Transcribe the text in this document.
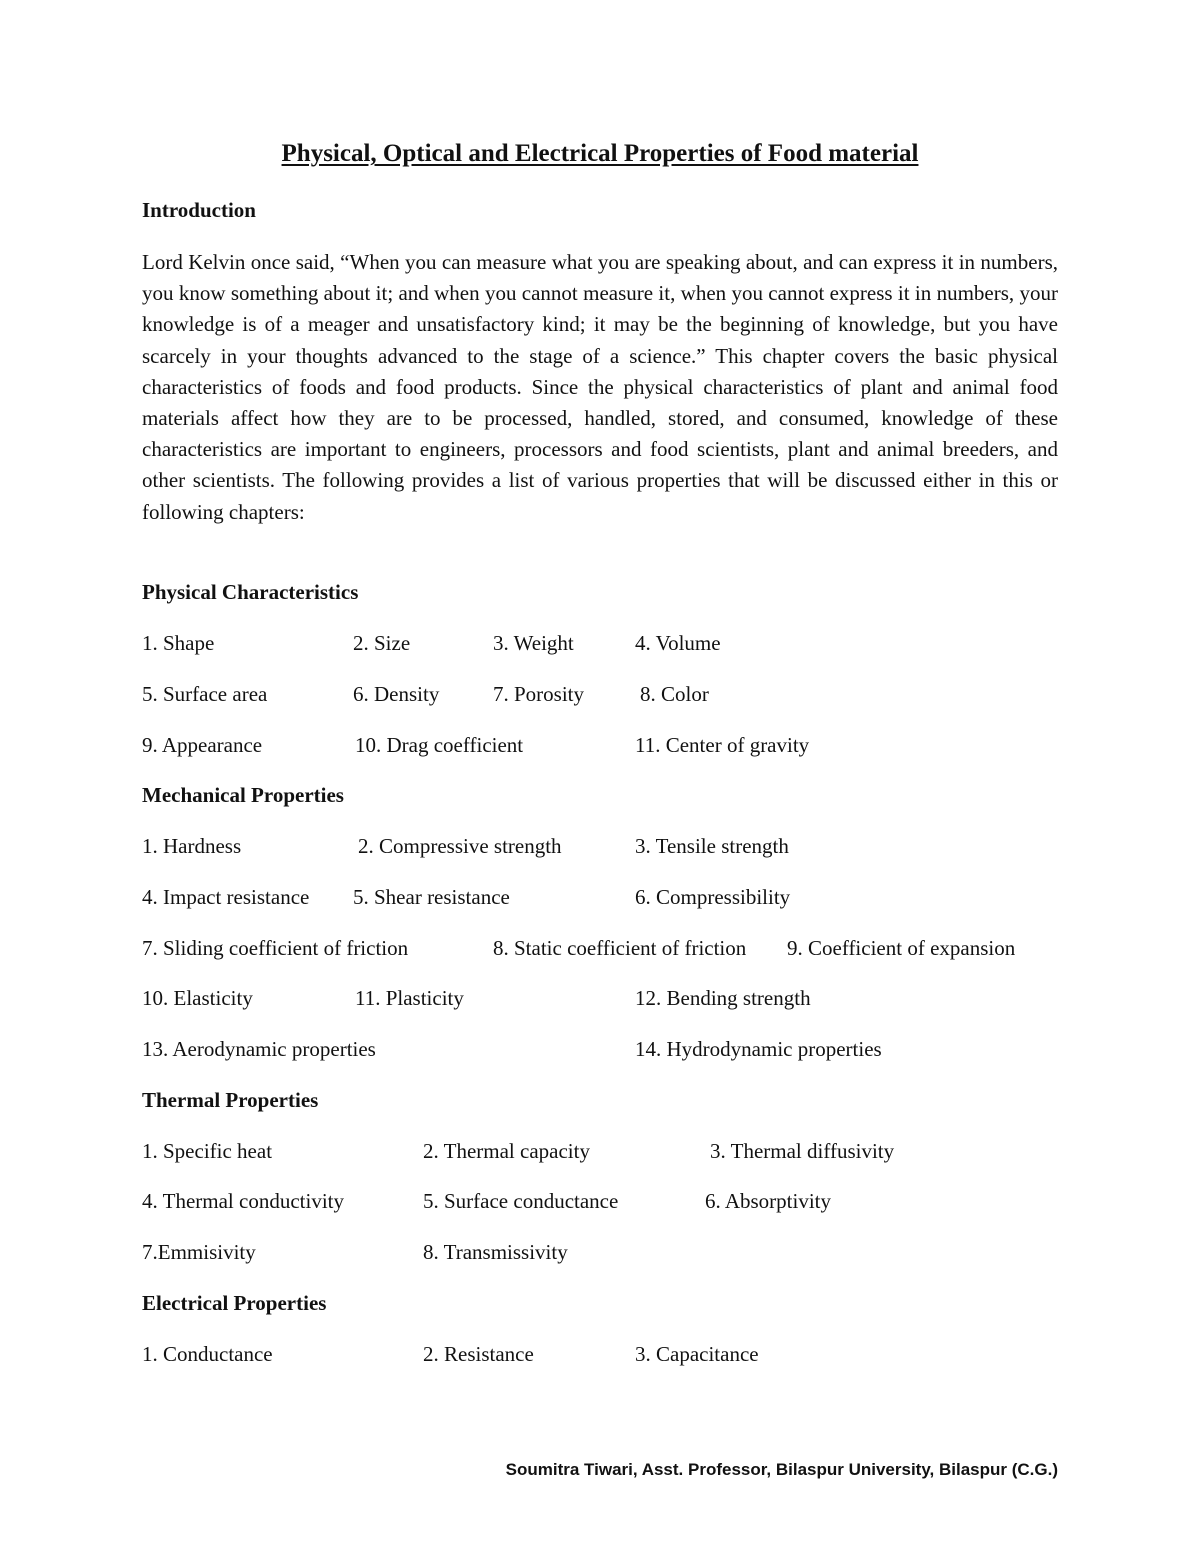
Physical, Optical and Electrical Properties of Food material
Introduction

Lord Kelvin once said, “When you can measure what you are speaking about, and can express it in numbers, you know something about it; and when you cannot measure it, when you cannot express it in numbers, your knowledge is of a meager and unsatisfactory kind; it may be the beginning of knowledge, but you have scarcely in your thoughts advanced to the stage of a science.” This chapter covers the basic physical characteristics of foods and food products. Since the physical characteristics of plant and animal food materials affect how they are to be processed, handled, stored, and consumed, knowledge of these characteristics are important to engineers, processors and food scientists, plant and animal breeders, and other scientists. The following provides a list of various properties that will be discussed either in this or following chapters:

Physical Characteristics
1. Shape	2. Size	3. Weight	4. Volume
5. Surface area	6. Density	7. Porosity	8. Color
9. Appearance	10. Drag coefficient	11. Center of gravity
Mechanical Properties
1. Hardness	2. Compressive strength	3. Tensile strength
4. Impact resistance 5. Shear resistance	6. Compressibility
7. Sliding coefficient of friction	8. Static coefficient of friction 9. Coefficient of expansion
10. Elasticity	11. Plasticity	12. Bending strength
13. Aerodynamic properties	14. Hydrodynamic properties
Thermal Properties
1. Specific heat	2. Thermal capacity	3. Thermal diffusivity
4. Thermal conductivity	5. Surface conductance	6. Absorptivity
7.Emmisivity	8. Transmissivity
Electrical Properties
1. Conductance	2. Resistance	3. Capacitance
Soumitra Tiwari, Asst. Professor, Bilaspur University, Bilaspur (C.G.)
